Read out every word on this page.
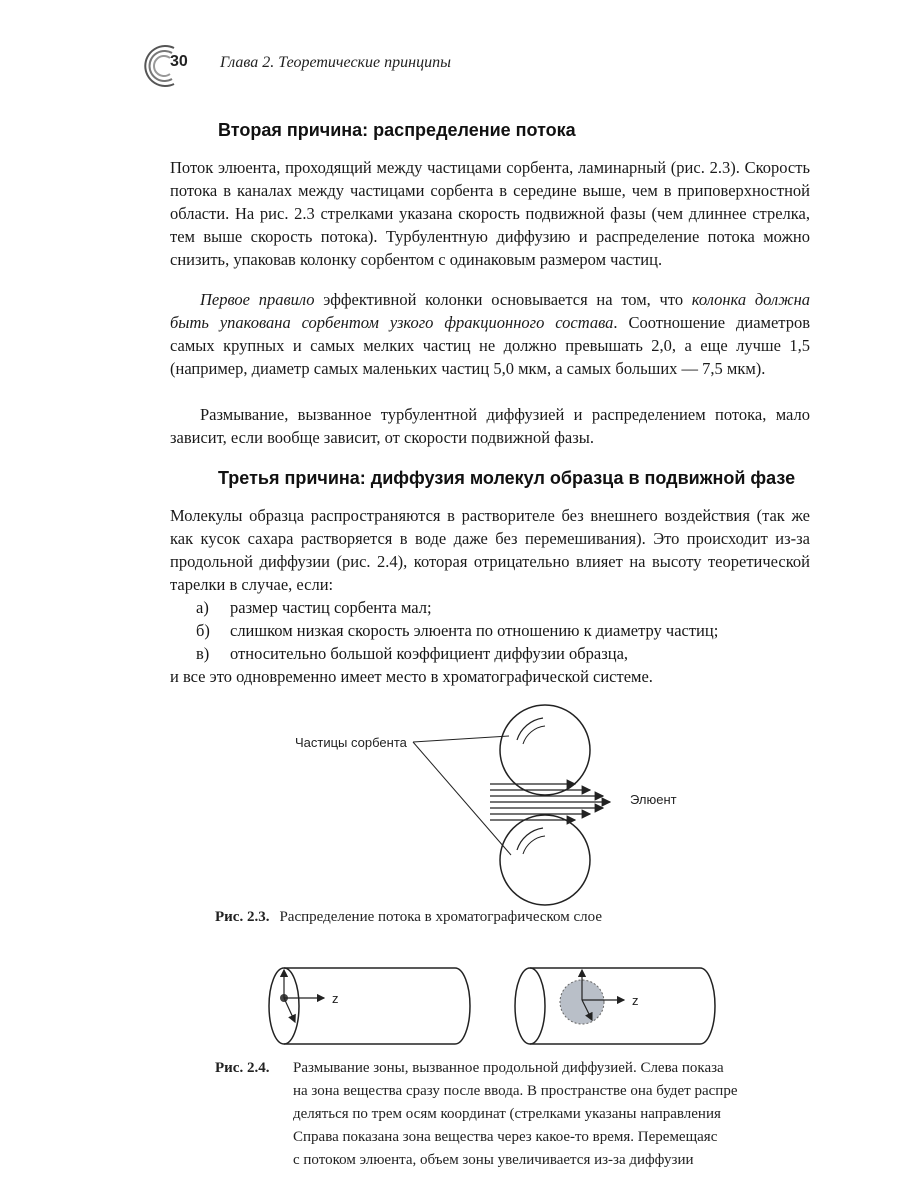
30 Глава 2. Теоретические принципы
Вторая причина: распределение потока

Поток элюента, проходящий между частицами сорбента, ламинарный (рис. 2.3). Скорость потока в каналах между частицами сорбента в середине выше, чем в приповерхностной области. На рис. 2.3 стрелками указана скорость подвижной фазы (чем длиннее стрелка, тем выше скорость потока). Турбулентную диффузию и распределение потока можно снизить, упаковав колонку сорбентом с одинаковым размером частиц.

Первое правило эффективной колонки основывается на том, что колонка должна быть упакована сорбентом узкого фракционного состава. Соотношение диаметров самых крупных и самых мелких частиц не должно превышать 2,0, а еще лучше 1,5 (например, диаметр самых маленьких частиц 5,0 мкм, а самых больших — 7,5 мкм).

Размывание, вызванное турбулентной диффузией и распределением потока, мало зависит, если вообще зависит, от скорости подвижной фазы.

Третья причина: диффузия молекул образца в подвижной фазе

Молекулы образца распространяются в растворителе без внешнего воздействия (так же как кусок сахара растворяется в воде даже без перемешивания). Это происходит из-за продольной диффузии (рис. 2.4), которая отрицательно влияет на высоту теоретической тарелки в случае, если:

а) размер частиц сорбента мал;
б) слишком низкая скорость элюента по отношению к диаметру частиц;
в) относительно большой коэффициент диффузии образца,

и все это одновременно имеет место в хроматографической системе.

Частицы сорбента
Элюент
Рис. 2.3. Распределение потока в хроматографическом слое
z	z
Рис. 2.4. Размывание зоны, вызванное продольной диффузией. Слева показа
на зона вещества сразу после ввода. В пространстве она будет распре
деляться по трем осям координат (стрелками указаны направления
Справа показана зона вещества через какое-то время. Перемещаяс
с потоком элюента, объем зоны увеличивается из-за диффузии
